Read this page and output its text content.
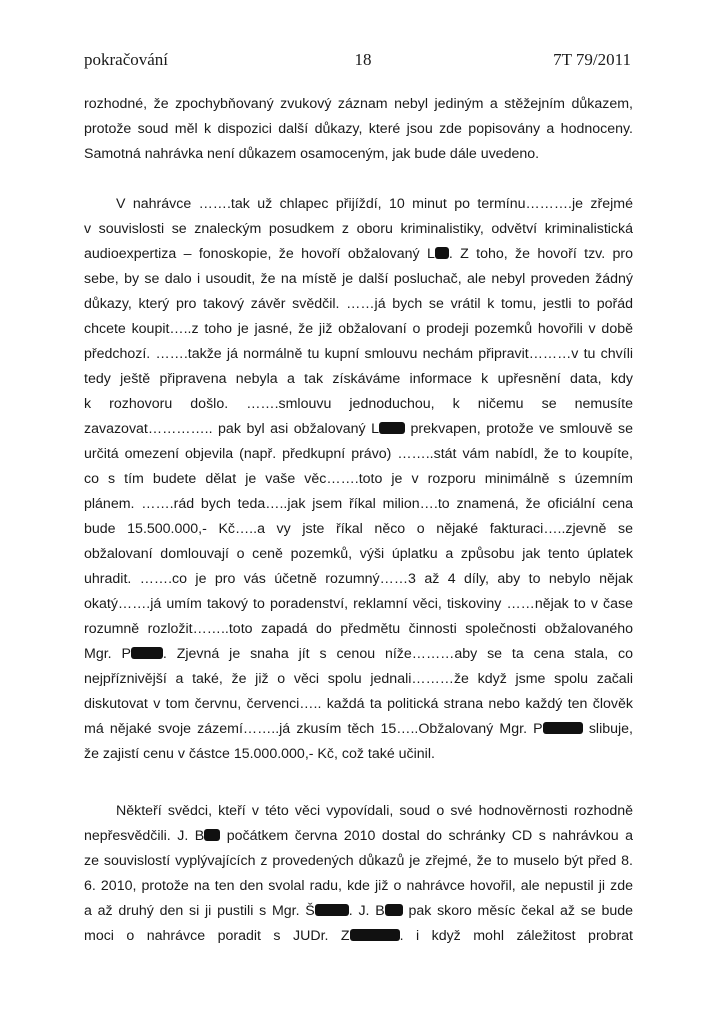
pokračování	18	7T 79/2011
rozhodné, že zpochybňovaný zvukový záznam nebyl jediným a stěžejním důkazem,
protože soud měl k dispozici další důkazy, které jsou zde popisovány a hodnoceny.
Samotná nahrávka není důkazem osamoceným, jak bude dále uvedeno.
V nahrávce …….tak už chlapec přijíždí, 10 minut po termínu……….je zřejmé
v souvislosti se znaleckým posudkem z oboru kriminalistiky, odvětví kriminalistická
audioexpertiza – fonoskopie, že hovoří obžalovaný L . Z toho, že hovoří tzv. pro
sebe, by se dalo i usoudit, že na místě je další posluchač, ale nebyl proveden žádný
důkazy, který pro takový závěr svědčil. ……já bych se vrátil k tomu, jestli to pořád
chcete koupit…..z toho je jasné, že již obžalovaní o prodeji pozemků hovořili v době
předchozí. …….takže já normálně tu kupní smlouvu nechám připravit………v tu chvíli
tedy ještě připravena nebyla a tak získáváme informace k upřesnění data, kdy
k rozhovoru došlo. …….smlouvu jednoduchou, k ničemu se nemusíte
zavazovat………….. pak byl asi obžalovaný L prekvapen, protože ve smlouvě se
určitá omezení objevila (např. předkupní právo) ……..stát vám nabídl, že to koupíte,
co s tím budete dělat je vaše věc…….toto je v rozporu minimálně s územním
plánem. …….rád bych teda…..jak jsem říkal milion….to znamená, že oficiální cena
bude 15.500.000,- Kč…..a vy jste říkal něco o nějaké fakturaci…..zjevně se
obžalovaní domlouvají o ceně pozemků, výši úplatku a způsobu jak tento úplatek
uhradit. …….co je pro vás účetně rozumný……3 až 4 díly, aby to nebylo nějak
okatý…….já umím takový to poradenství, reklamní věci, tiskoviny ……nějak to v čase
rozumně rozložit……..toto zapadá do předmětu činnosti společnosti obžalovaného
Mgr. P . Zjevná je snaha jít s cenou níže………aby se ta cena stala, co
nejpříznivější a také, že již o věci spolu jednali………že když jsme spolu začali
diskutovat v tom červnu, červenci….. každá ta politická strana nebo každý ten člověk
má nějaké svoje zázemí……..já zkusím těch 15…..Obžalovaný Mgr. P	slibuje,
že zajistí cenu v částce 15.000.000,- Kč, což také učinil.
Někteří svědci, kteří v této věci vypovídali, soud o své hodnověrnosti rozhodně
nepřesvědčili. J. B počátkem června 2010 dostal do schránky CD s nahrávkou a
ze souvislostí vyplývajících z provedených důkazů je zřejmé, že to muselo být před 8.
6. 2010, protože na ten den svolal radu, kde již o nahrávce hovořil, ale nepustil ji zde
a až druhý den si ji pustili s Mgr. Š . J. B pak skoro měsíc čekal až se bude
moci o nahrávce poradit s JUDr. Z	. i když mohl záležitost probrat
